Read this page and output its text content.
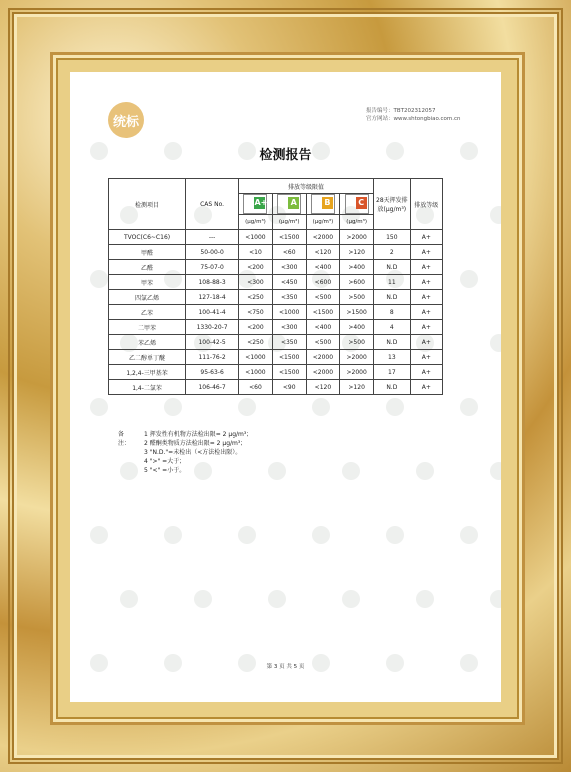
统标
报告编号：TBT202312057
官方网站：www.shtongbiao.com.cn
检测报告
检测项目	CAS No.	排放等级限值				28天挥发排放(μg/m³)	排放等级

		A+	A	B	C		

		(μg/m³)	(μg/m³)	(μg/m³)	(μg/m³)		
TVOC(C6~C16)	---	<1000	<1500	<2000	>2000	150	A+
甲醛	50-00-0	<10	<60	<120	>120	2	A+
乙醛	75-07-0	<200	<300	<400	>400	N.D	A+
甲苯	108-88-3	<300	<450	<600	>600	11	A+
四氯乙烯	127-18-4	<250	<350	<500	>500	N.D	A+
乙苯	100-41-4	<750	<1000	<1500	>1500	8	A+
二甲苯	1330-20-7	<200	<300	<400	>400	4	A+
苯乙烯	100-42-5	<250	<350	<500	>500	N.D	A+
乙二醇单丁醚	111-76-2	<1000	<1500	<2000	>2000	13	A+
1,2,4-三甲基苯	95-63-6	<1000	<1500	<2000	>2000	17	A+
1,4-二氯苯	106-46-7	<60	<90	<120	>120	N.D	A+
备注：
1 挥发性有机物方法检出限= 2 μg/m³；
2 醛酮类物质方法检出限= 2 μg/m³；
3 "N.D."=未检出（<方法检出限）。
4 ">" =大于；
5 "<" =小于。
第 3 页 共 5 页
